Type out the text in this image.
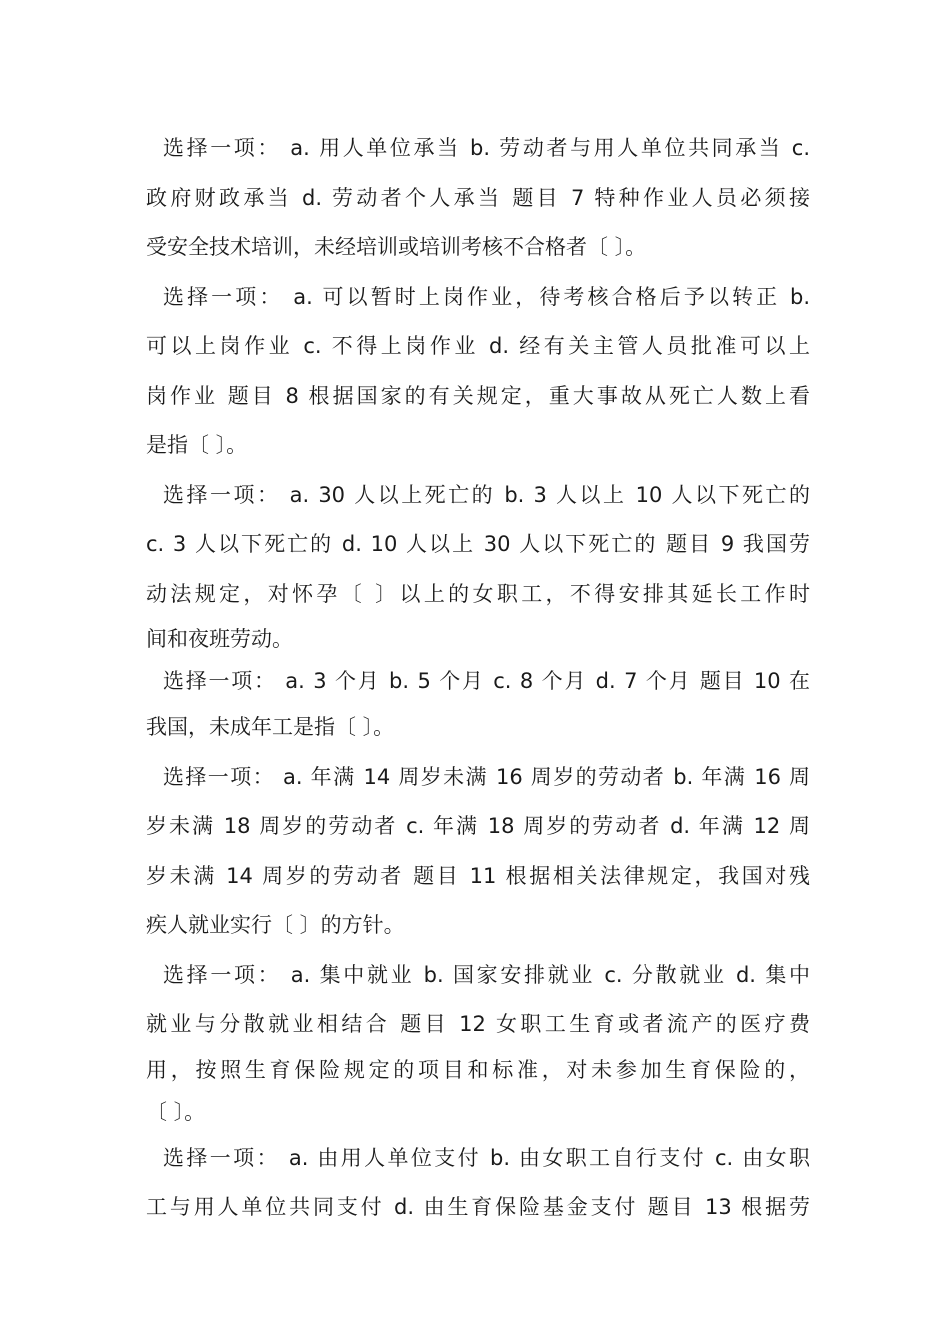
选择一项： a. 用人单位承当 b. 劳动者与用人单位共同承当 c.
政府财政承当 d. 劳动者个人承当 题目 7 特种作业人员必须接
受安全技术培训，未经培训或培训考核不合格者〔 〕。
选择一项： a. 可以暂时上岗作业，待考核合格后予以转正 b.
可以上岗作业 c. 不得上岗作业 d. 经有关主管人员批准可以上
岗作业 题目 8 根据国家的有关规定，重大事故从死亡人数上看
是指〔 〕。
选择一项： a. 30 人以上死亡的 b. 3 人以上 10 人以下死亡的
c. 3 人以下死亡的 d. 10 人以上 30 人以下死亡的 题目 9 我国劳
动法规定，对怀孕〔 〕以上的女职工，不得安排其延长工作时
间和夜班劳动。
选择一项： a. 3 个月 b. 5 个月 c. 8 个月 d. 7 个月 题目 10 在
我国，未成年工是指〔 〕。
选择一项： a. 年满 14 周岁未满 16 周岁的劳动者 b. 年满 16 周
岁未满 18 周岁的劳动者 c. 年满 18 周岁的劳动者 d. 年满 12 周
岁未满 14 周岁的劳动者 题目 11 根据相关法律规定，我国对残
疾人就业实行〔 〕的方针。
选择一项： a. 集中就业 b. 国家安排就业 c. 分散就业 d. 集中
就业与分散就业相结合 题目 12 女职工生育或者流产的医疗费
用，按照生育保险规定的项目和标准，对未参加生育保险的，
〔 〕。
选择一项： a. 由用人单位支付 b. 由女职工自行支付 c. 由女职
工与用人单位共同支付 d. 由生育保险基金支付 题目 13 根据劳
